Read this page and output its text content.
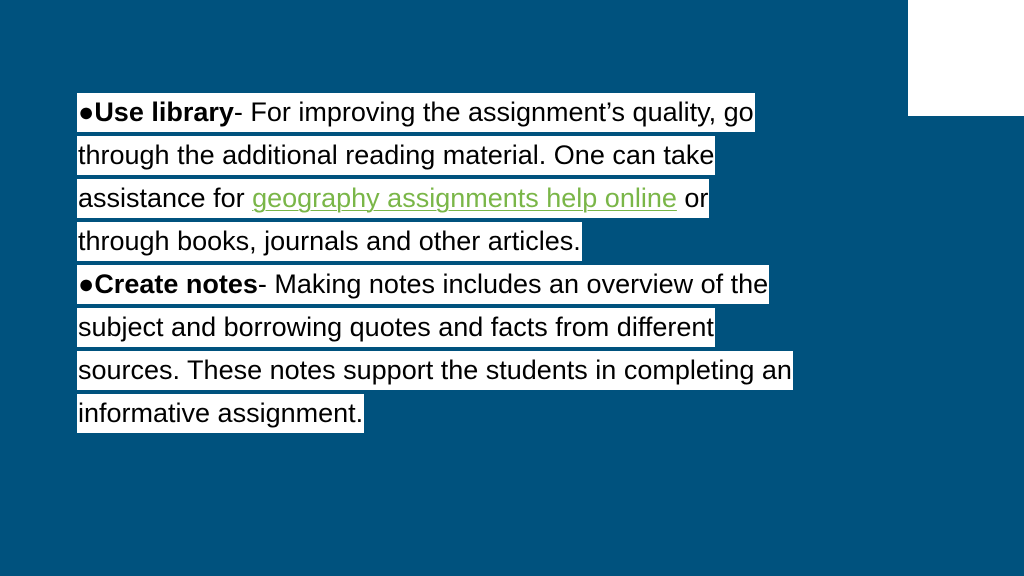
●Use library- For improving the assignment’s quality, go
through the additional reading material. One can take
assistance for geography assignments help online or
through books, journals and other articles.
●Create notes- Making notes includes an overview of the
subject and borrowing quotes and facts from different
sources. These notes support the students in completing an
informative assignment.
